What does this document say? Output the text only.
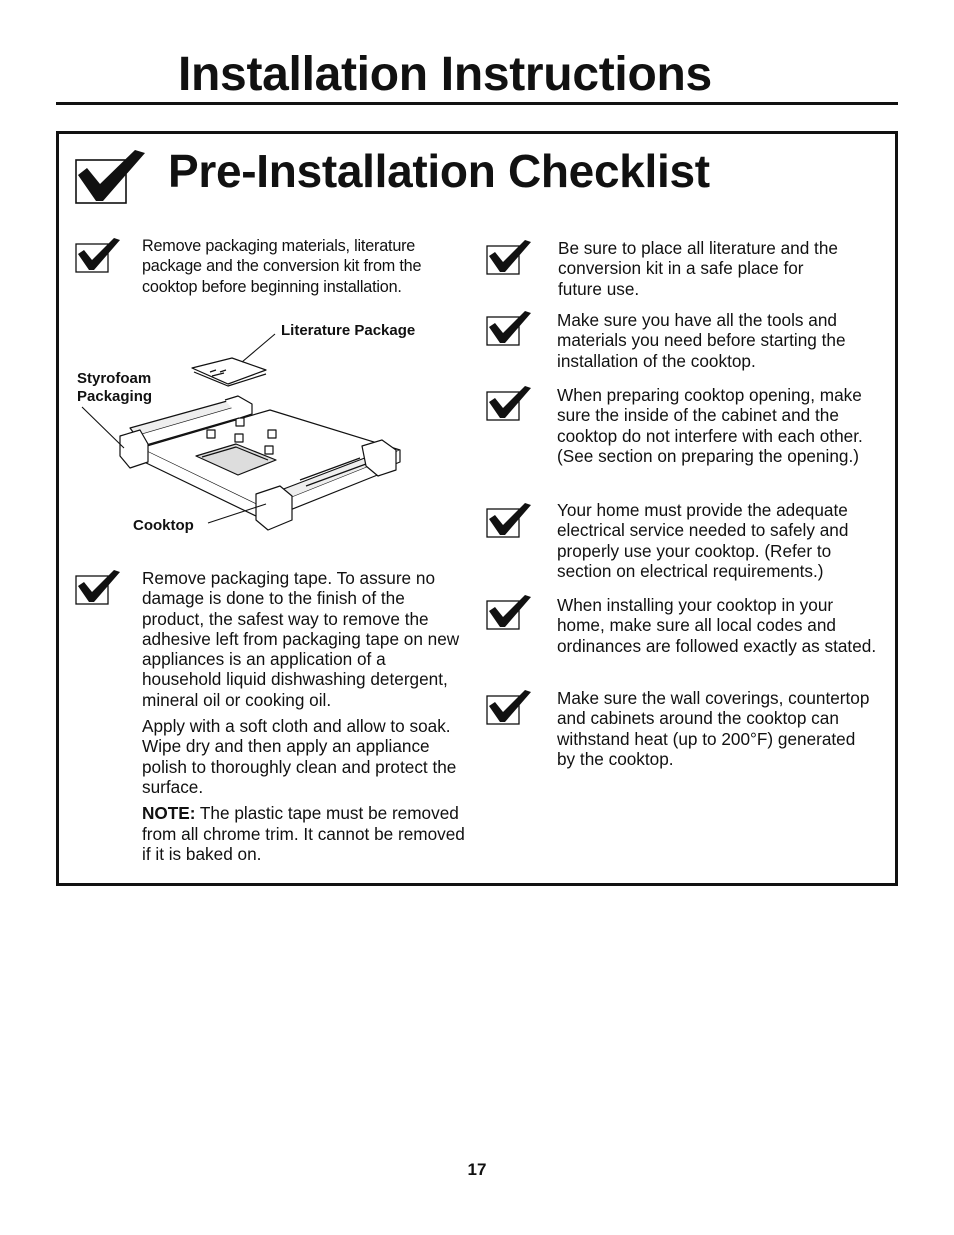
Installation Instructions
Pre-Installation Checklist
Remove packaging materials, literature package and the conversion kit from the cooktop before beginning installation.

Remove packaging tape. To assure no damage is done to the finish of the product, the safest way to remove the adhesive left from packaging tape on new appliances is an application of a household liquid dishwashing detergent, mineral oil or cooking oil.

Apply with a soft cloth and allow to soak. Wipe dry and then apply an appliance polish to thoroughly clean and protect the surface.

NOTE: The plastic tape must be removed from all chrome trim. It cannot be removed if it is baked on.

Literature Package
Styrofoam
Packaging
Cooktop
Be sure to place all literature and the conversion kit in a safe place for future use.
Make sure you have all the tools and materials you need before starting the installation of the cooktop.
When preparing cooktop opening, make sure the inside of the cabinet and the cooktop do not interfere with each other. (See section on preparing the opening.)
Your home must provide the adequate electrical service needed to safely and properly use your cooktop. (Refer to section on electrical requirements.)
When installing your cooktop in your home, make sure all local codes and ordinances are followed exactly as stated.
Make sure the wall coverings, countertop and cabinets around the cooktop can withstand heat (up to 200°F) generated by the cooktop.
17
